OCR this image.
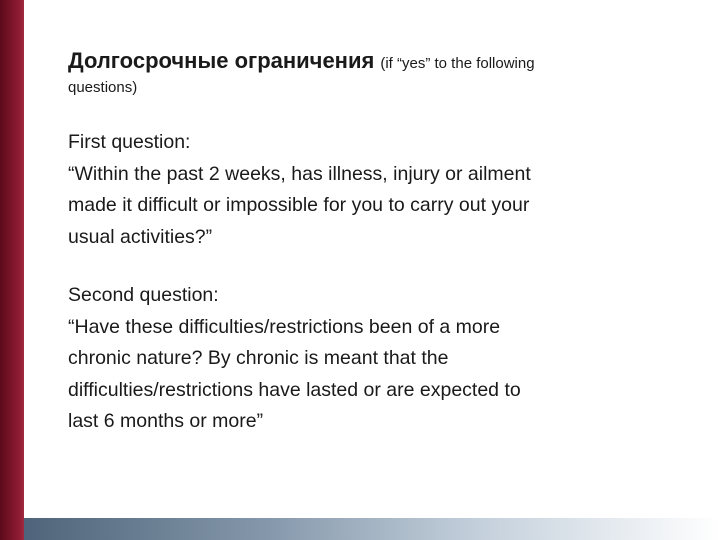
Долгосрочные ограничения (if “yes” to the following
questions)
First question:
“Within the past 2 weeks, has illness, injury or ailment
made it difficult or impossible for you to carry out your
usual activities?”
Second question:
“Have these difficulties/restrictions been of a more
chronic nature? By chronic is meant that the
difficulties/restrictions have lasted or are expected to
last 6 months or more”
